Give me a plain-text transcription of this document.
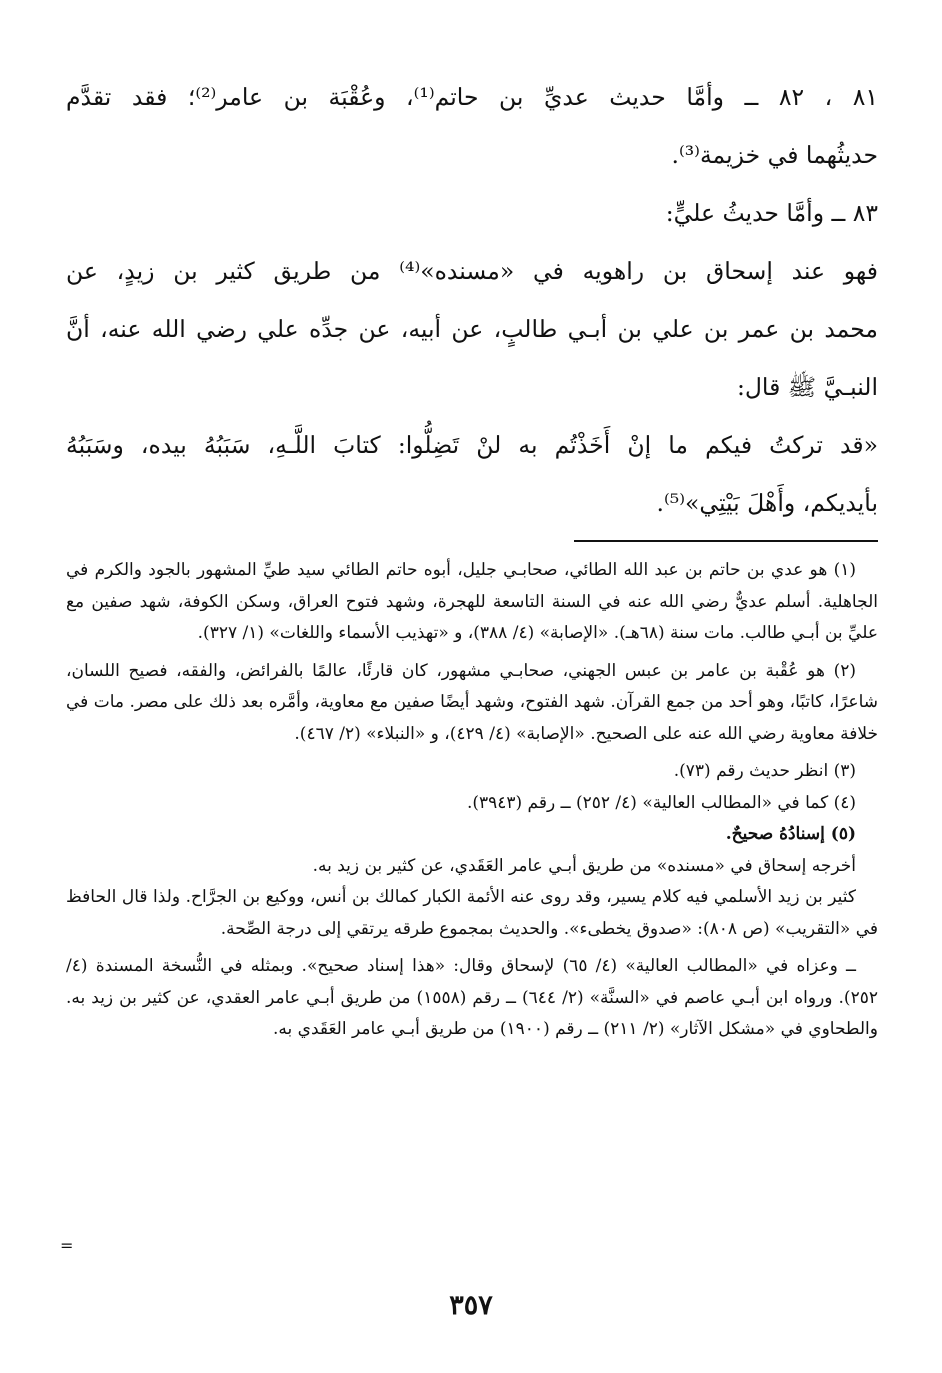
٨١ ، ٨٢ ــ وأمَّا حديث عديِّ بن حاتم⁽¹⁾، وعُقْبَة بن عامر⁽²⁾؛ فقد تقدَّم
حديثُهما في خزيمة⁽³⁾.

٨٣ ــ وأمَّا حديثُ عليٍّ:

فهو عند إسحاق بن راهويه في «مسنده»⁽⁴⁾ من طريق كثير بن زيدٍ، عن
محمد بن عمر بن علي بن أبـي طالبٍ، عن أبيه، عن جدِّه علي رضي الله عنه، أنَّ
النبـيَّ ﷺ قال:

«قد تركتُ فيكم ما إنْ أَخَذْتُم به لنْ تَضِلُّوا: كتابَ اللَّـهِ، سَبَبُهُ بيده، وسَبَبُهُ
بأيديكم، وأَهْلَ بَيْتِي»⁽⁵⁾.

(١) هو عدي بن حاتم بن عبد الله الطائي، صحابـي جليل، أبوه حاتم الطائي سيد طيِّ المشهور بالجود والكرم في الجاهلية. أسلم عديٌّ رضي الله عنه في السنة التاسعة للهجرة، وشهد فتوح العراق، وسكن الكوفة، شهد صفين مع عليِّ بن أبـي طالب. مات سنة (٦٨هـ). «الإصابة» (٤/ ٣٨٨)، و «تهذيب الأسماء واللغات» (١/ ٣٢٧).

(٢) هو عُقْبة بن عامر بن عبس الجهني، صحابـي مشهور، كان قارئًا، عالمًا بالفرائض، والفقه، فصيح اللسان، شاعرًا، كاتبًا، وهو أحد من جمع القرآن. شهد الفتوح، وشهد أيضًا صفين مع معاوية، وأمَّره بعد ذلك على مصر. مات في خلافة معاوية رضي الله عنه على الصحيح. «الإصابة» (٤/ ٤٢٩)، و «النبلاء» (٢/ ٤٦٧).

(٣) انظر حديث رقم (٧٣).

(٤) كما في «المطالب العالية» (٤/ ٢٥٢) ــ رقم (٣٩٤٣).

(٥) إسنادُهُ صحيحٌ.

أخرجه إسحاق في «مسنده» من طريق أبـي عامر العَقَدي، عن كثير بن زيد به.

كثير بن زيد الأسلمي فيه كلام يسير، وقد روى عنه الأئمة الكبار كمالك بن أنس، ووكيع بن الجرَّاح. ولذا قال الحافظ في «التقريب» (ص ٨٠٨): «صدوق يخطىء». والحديث بمجموع طرقه يرتقي إلى درجة الصِّحة.

ــ وعزاه في «المطالب العالية» (٤/ ٦٥) لإسحاق وقال: «هذا إسناد صحيح». وبمثله في النُّسخة المسندة (٤/ ٢٥٢). ورواه ابن أبـي عاصم في «السنَّة» (٢/ ٦٤٤) ــ رقم (١٥٥٨) من طريق أبـي عامر العقدي، عن كثير بن زيد به. والطحاوي في «مشكل الآثار» (٢/ ٢١١) ــ رقم (١٩٠٠) من طريق أبـي عامر العَقَدي به.

=
٣٥٧
